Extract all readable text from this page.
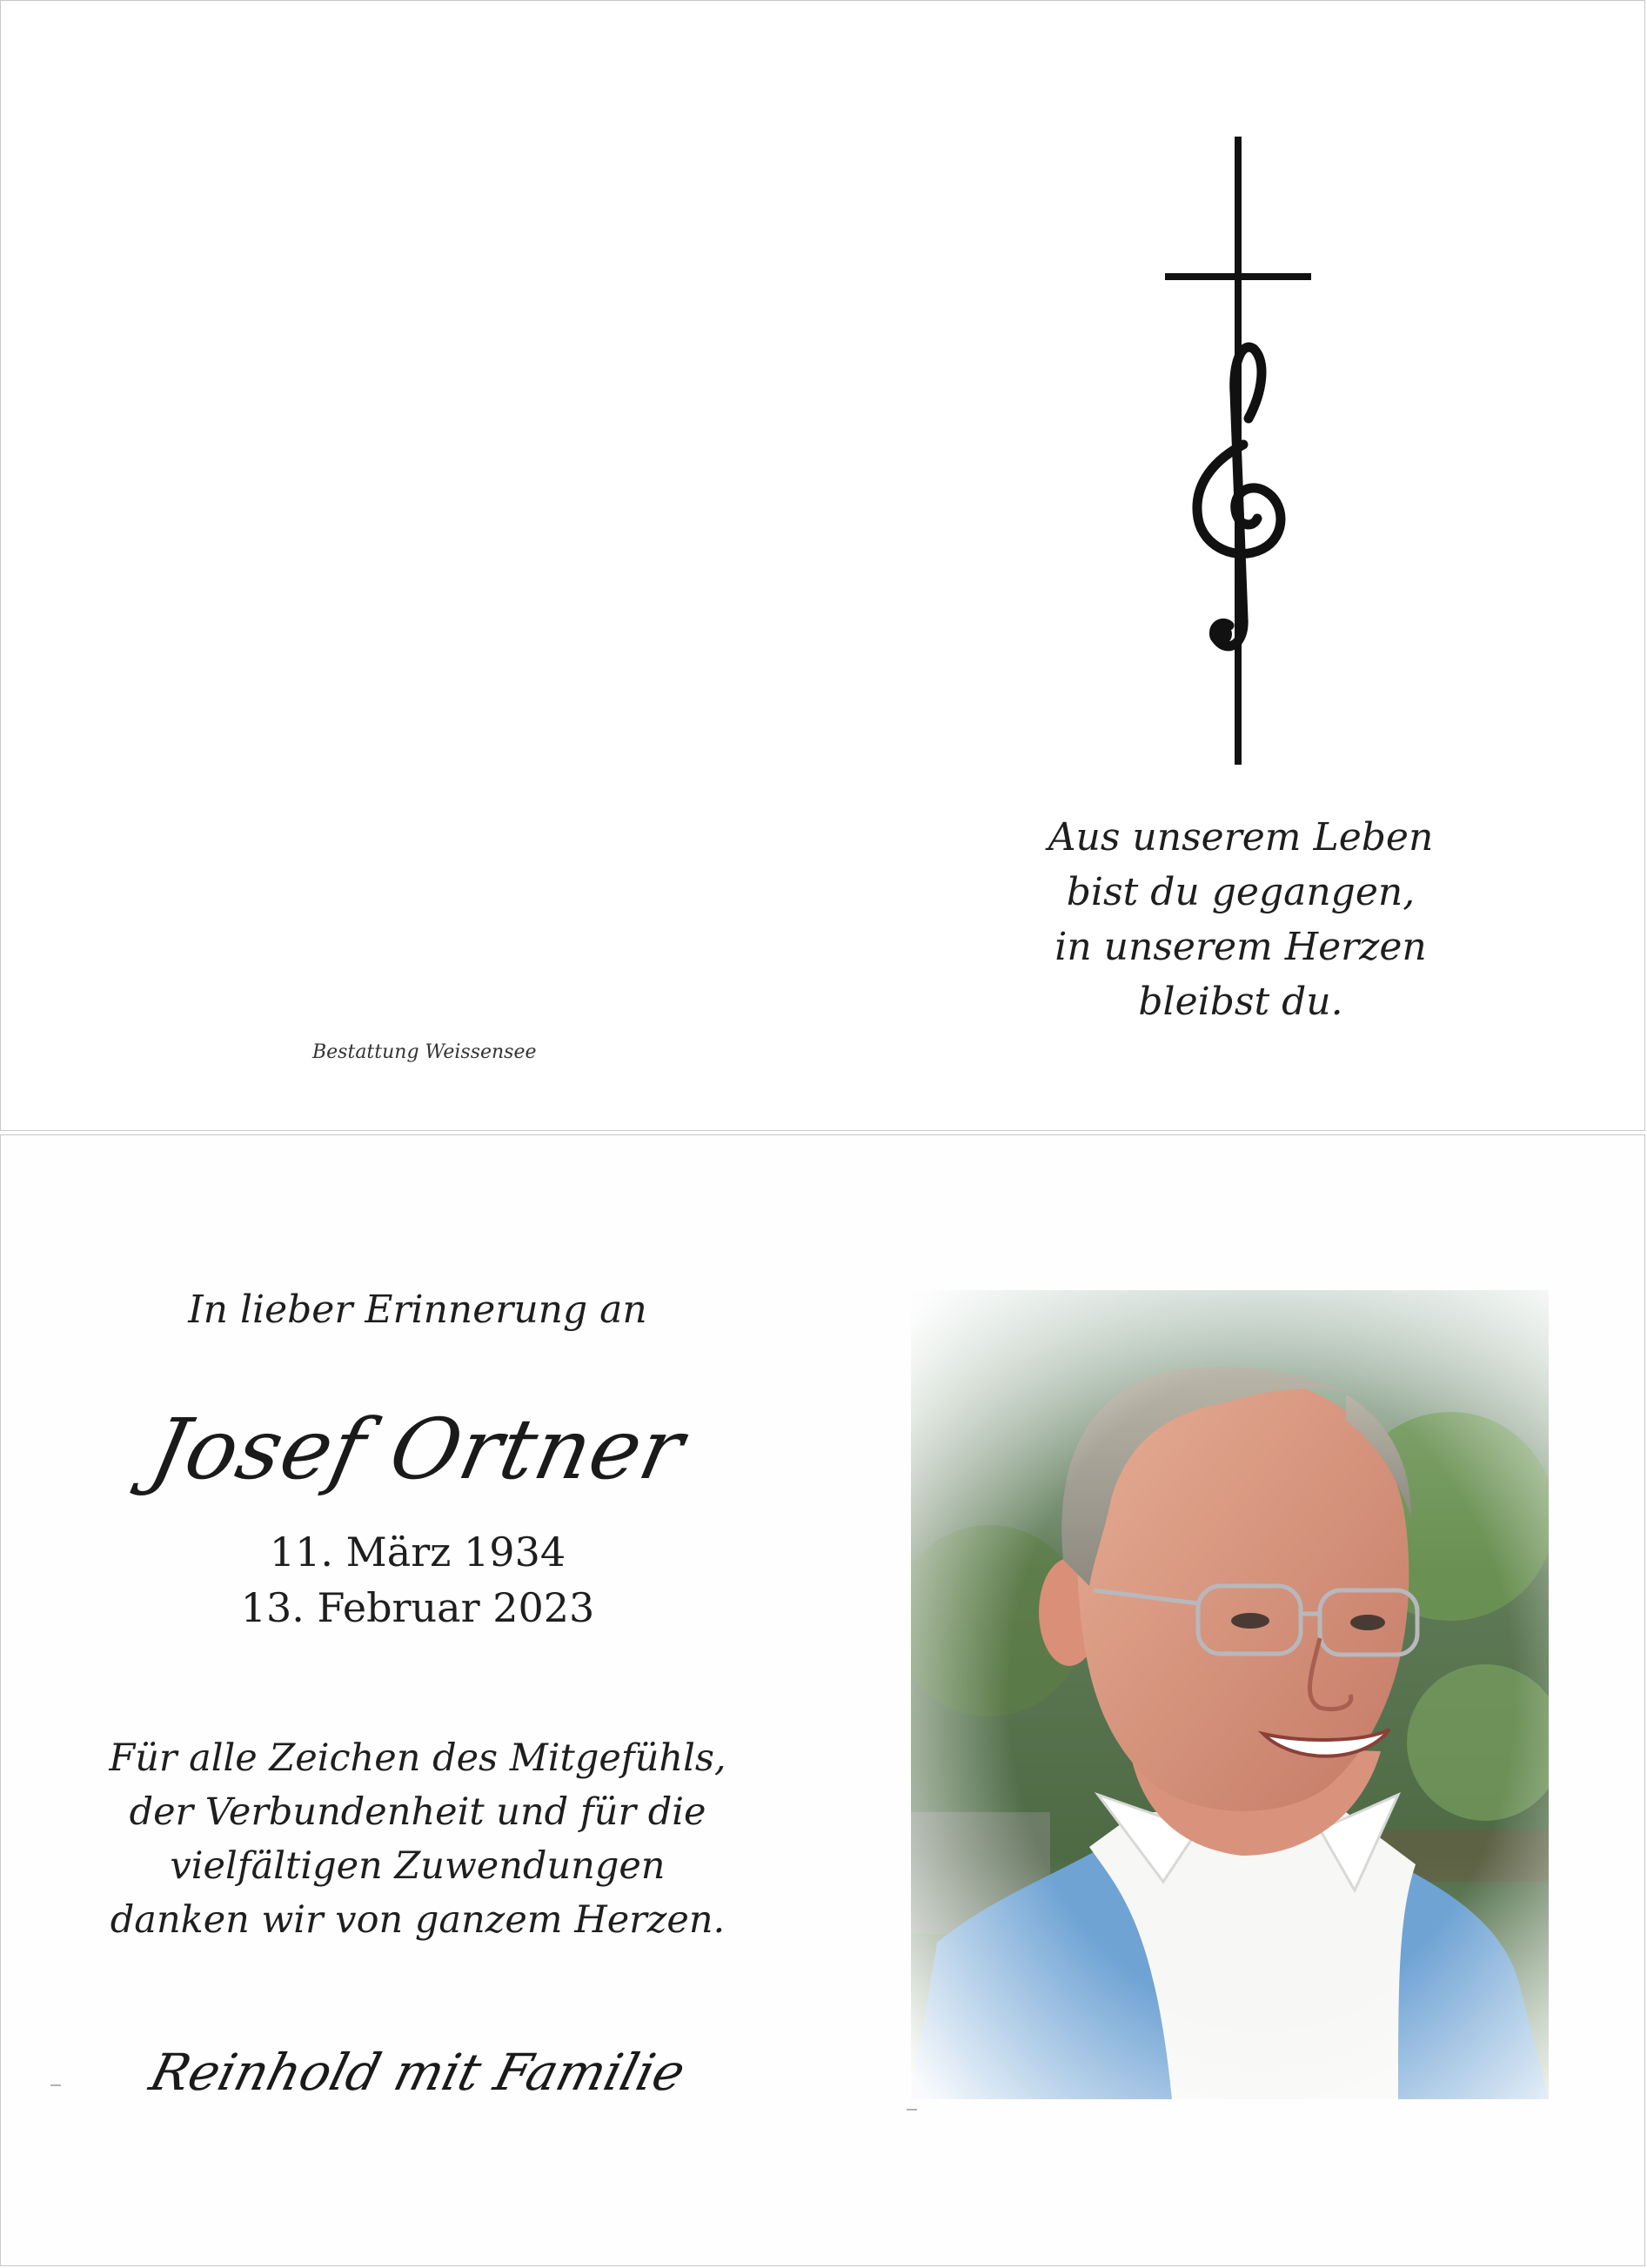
Aus unserem Leben
bist du gegangen,
in unserem Herzen
bleibst du.
Bestattung Weissensee
In lieber Erinnerung an
Josef Ortner
11. März 1934
13. Februar 2023
Für alle Zeichen des Mitgefühls,
der Verbundenheit und für die
vielfältigen Zuwendungen
danken wir von ganzem Herzen.
Reinhold mit Familie
